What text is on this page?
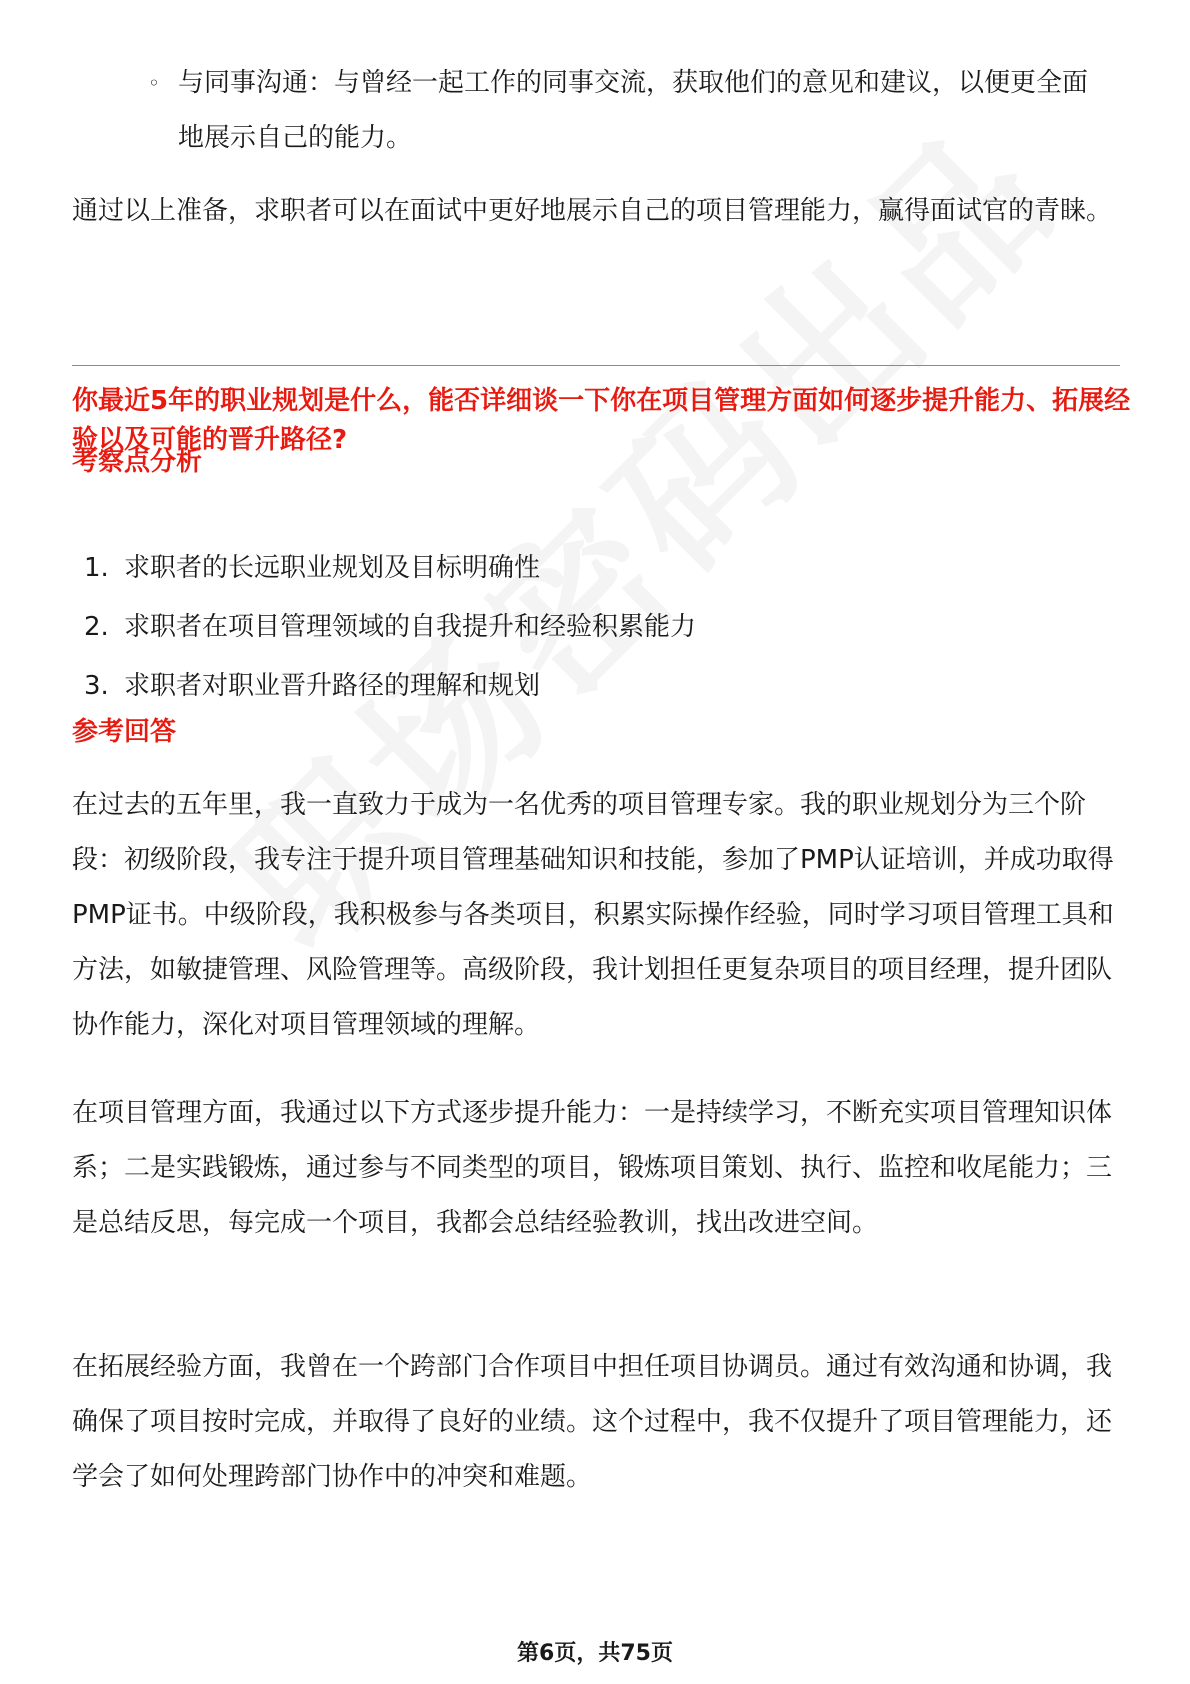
◦ 与同事沟通：与曾经一起工作的同事交流，获取他们的意见和建议，以便更全面地展示自己的能力。

通过以上准备，求职者可以在面试中更好地展示自己的项目管理能力，赢得面试官的青睐。

你最近5年的职业规划是什么，能否详细谈一下你在项目管理方面如何逐步提升能力、拓展经验以及可能的晋升路径?
考察点分析
1. 求职者的长远职业规划及目标明确性
2. 求职者在项目管理领域的自我提升和经验积累能力
3. 求职者对职业晋升路径的理解和规划
参考回答

在过去的五年里，我一直致力于成为一名优秀的项目管理专家。我的职业规划分为三个阶段：初级阶段，我专注于提升项目管理基础知识和技能，参加了PMP认证培训，并成功取得PMP证书。中级阶段，我积极参与各类项目，积累实际操作经验，同时学习项目管理工具和方法，如敏捷管理、风险管理等。高级阶段，我计划担任更复杂项目的项目经理，提升团队协作能力，深化对项目管理领域的理解。

在项目管理方面，我通过以下方式逐步提升能力：一是持续学习，不断充实项目管理知识体系；二是实践锻炼，通过参与不同类型的项目，锻炼项目策划、执行、监控和收尾能力；三是总结反思，每完成一个项目，我都会总结经验教训，找出改进空间。

在拓展经验方面，我曾在一个跨部门合作项目中担任项目协调员。通过有效沟通和协调，我确保了项目按时完成，并取得了良好的业绩。这个过程中，我不仅提升了项目管理能力，还学会了如何处理跨部门协作中的冲突和难题。

第6页，共75页
